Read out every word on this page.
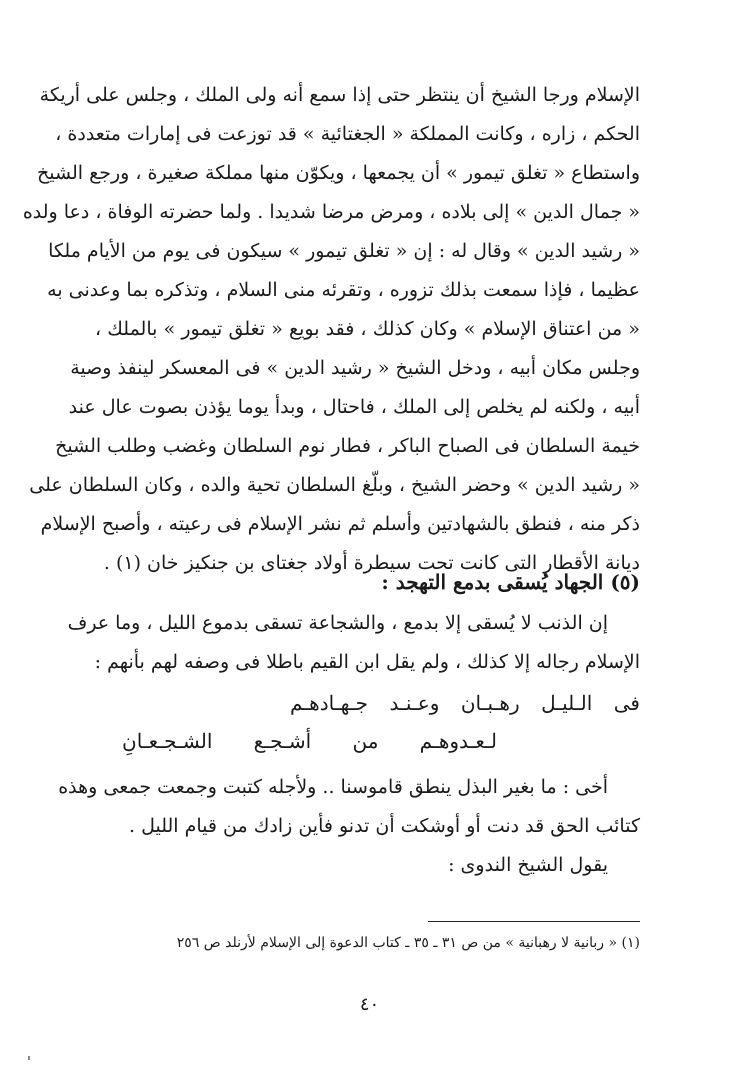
الإسلام ورجا الشيخ أن ينتظر حتى إذا سمع أنه ولى الملك ، وجلس على أريكة
الحكم ، زاره ، وكانت المملكة « الجغتائية » قد توزعت فى إمارات متعددة ،
واستطاع « تغلق تيمور » أن يجمعها ، ويكوّن منها مملكة صغيرة ، ورجع الشيخ
« جمال الدين » إلى بلاده ، ومرض مرضا شديدا . ولما حضرته الوفاة ، دعا ولده
« رشيد الدين » وقال له : إن « تغلق تيمور » سيكون فى يوم من الأيام ملكا
عظيما ، فإذا سمعت بذلك تزوره ، وتقرئه منى السلام ، وتذكره بما وعدنى به
« من اعتناق الإسلام » وكان كذلك ، فقد بويع « تغلق تيمور » بالملك ،
وجلس مكان أبيه ، ودخل الشيخ « رشيد الدين » فى المعسكر لينفذ وصية
أبيه ، ولكنه لم يخلص إلى الملك ، فاحتال ، وبدأ يوما يؤذن بصوت عال عند
خيمة السلطان فى الصباح الباكر ، فطار نوم السلطان وغضب وطلب الشيخ
« رشيد الدين » وحضر الشيخ ، وبلّغ السلطان تحية والده ، وكان السلطان على
ذكر منه ، فنطق بالشهادتين وأسلم ثم نشر الإسلام فى رعيته ، وأصبح الإسلام
ديانة الأقطار التى كانت تحت سيطرة أولاد جغتاى بن جنكيز خان (١) .
(٥) الجهاد يُسقى بدمع التهجد :
إن الذنب لا يُسقى إلا بدمع ، والشجاعة تسقى بدموع الليل ، وما عرف
الإسلام رجاله إلا كذلك ، ولم يقل ابن القيم باطلا فى وصفه لهم بأنهم :
فى الـليـل رهـبـان وعـنـد جـهـادهـم
لـعـدوهـم من أشـجـع الشـجـعـانِ
أخى : ما بغير البذل ينطق قاموسنا .. ولأجله كتبت وجمعت جمعى وهذه
كتائب الحق قد دنت أو أوشكت أن تدنو فأين زادك من قيام الليل .
يقول الشيخ الندوى :
(١) « ربانية لا رهبانية » من ص ٣١ ـ ٣٥ ـ كتاب الدعوة إلى الإسلام لأرنلد ص ٢٥٦
٤٠
